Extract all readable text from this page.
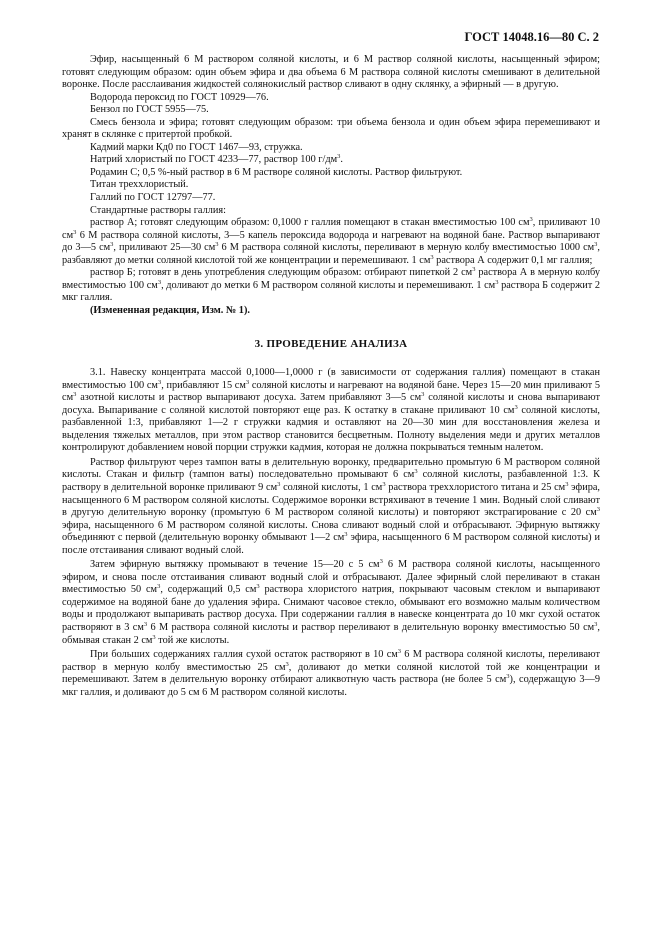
ГОСТ 14048.16—80 С. 2

Эфир, насыщенный 6 М раствором соляной кислоты, и 6 М раствор соляной кислоты, насыщенный эфиром; готовят следующим образом: один объем эфира и два объема 6 М раствора соляной кислоты смешивают в делительной воронке. После расслаивания жидкостей солянокислый раствор сливают в одну склянку, а эфирный — в другую.

Водорода пероксид по ГОСТ 10929—76.

Бензол по ГОСТ 5955—75.

Смесь бензола и эфира; готовят следующим образом: три объема бензола и один объем эфира перемешивают и хранят в склянке с притертой пробкой.

Кадмий марки Кд0 по ГОСТ 1467—93, стружка.

Натрий хлористый по ГОСТ 4233—77, раствор 100 $г/дм^3$.

Родамин С; 0,5 %-ный раствор в 6 М растворе соляной кислоты. Раствор фильтруют.

Титан треххлористый.

Галлий по ГОСТ 12797—77.

Стандартные растворы галлия:

раствор А; готовят следующим образом: 0,1000 г галлия помещают в стакан вместимостью 100 $см^3$, приливают 10 $см^3$ 6 М раствора соляной кислоты, 3—5 капель пероксида водорода и нагревают на водяной бане. Раствор выпаривают до 3—5 $см^3$, приливают 25—30 $см^3$ 6 М раствора соляной кислоты, переливают в мерную колбу вместимостью 1000 $см^3$, разбавляют до метки соляной кислотой той же концентрации и перемешивают. 1 $см^3$ раствора А содержит 0,1 мг галлия;

раствор Б; готовят в день употребления следующим образом: отбирают пипеткой 2 $см^3$ раствора А в мерную колбу вместимостью 100 $см^3$, доливают до метки 6 М раствором соляной кислоты и перемешивают. 1 $см^3$ раствора Б содержит 2 мкг галлия.

(Измененная редакция, Изм. № 1).

3. ПРОВЕДЕНИЕ АНАЛИЗА

3.1. Навеску концентрата массой 0,1000—1,0000 г (в зависимости от содержания галлия) помещают в стакан вместимостью 100 $см^3$, прибавляют 15 $см^3$ соляной кислоты и нагревают на водяной бане. Через 15—20 мин приливают 5 $см^3$ азотной кислоты и раствор выпаривают досуха. Затем прибавляют 3—5 $см^3$ соляной кислоты и снова выпаривают досуха. Выпаривание с соляной кислотой повторяют еще раз. К остатку в стакане приливают 10 $см^3$ соляной кислоты, разбавленной 1:3, прибавляют 1—2 г стружки кадмия и оставляют на 20—30 мин для восстановления железа и выделения тяжелых металлов, при этом раствор становится бесцветным. Полноту выделения меди и других металлов контролируют добавлением новой порции стружки кадмия, которая не должна покрываться темным налетом.

Раствор фильтруют через тампон ваты в делительную воронку, предварительно промытую 6 М раствором соляной кислоты. Стакан и фильтр (тампон ваты) последовательно промывают 6 $см^3$ соляной кислоты, разбавленной 1:3. К раствору в делительной воронке приливают 9 $см^3$ соляной кислоты, 1 $см^3$ раствора треххлористого титана и 25 $см^3$ эфира, насыщенного 6 М раствором соляной кислоты. Содержимое воронки встряхивают в течение 1 мин. Водный слой сливают в другую делительную воронку (промытую 6 М раствором соляной кислоты) и повторяют экстрагирование с 20 $см^3$ эфира, насыщенного 6 М раствором соляной кислоты. Снова сливают водный слой и отбрасывают. Эфирную вытяжку объединяют с первой (делительную воронку обмывают 1—2 $см^3$ эфира, насыщенного 6 М раствором соляной кислоты) и после отстаивания сливают водный слой.

Затем эфирную вытяжку промывают в течение 15—20 с 5 $см^3$ 6 М раствора соляной кислоты, насыщенного эфиром, и снова после отстаивания сливают водный слой и отбрасывают. Далее эфирный слой переливают в стакан вместимостью 50 $см^3$, содержащий 0,5 $см^3$ раствора хлористого натрия, покрывают часовым стеклом и выпаривают содержимое на водяной бане до удаления эфира. Снимают часовое стекло, обмывают его возможно малым количеством воды и продолжают выпаривать раствор досуха. При содержании галлия в навеске концентрата до 10 мкг сухой остаток растворяют в 3 $см^3$ 6 М раствора соляной кислоты и раствор переливают в делительную воронку вместимостью 50 $см^3$, обмывая стакан 2 $см^3$ той же кислоты.

При больших содержаниях галлия сухой остаток растворяют в 10 $см^3$ 6 М раствора соляной кислоты, переливают раствор в мерную колбу вместимостью 25 $см^3$, доливают до метки соляной кислотой той же концентрации и перемешивают. Затем в делительную воронку отбирают аликвотную часть раствора (не более 5 $см^3$), содержащую 3—9 мкг галлия, и доливают до 5 см 6 М раствором соляной кислоты.
